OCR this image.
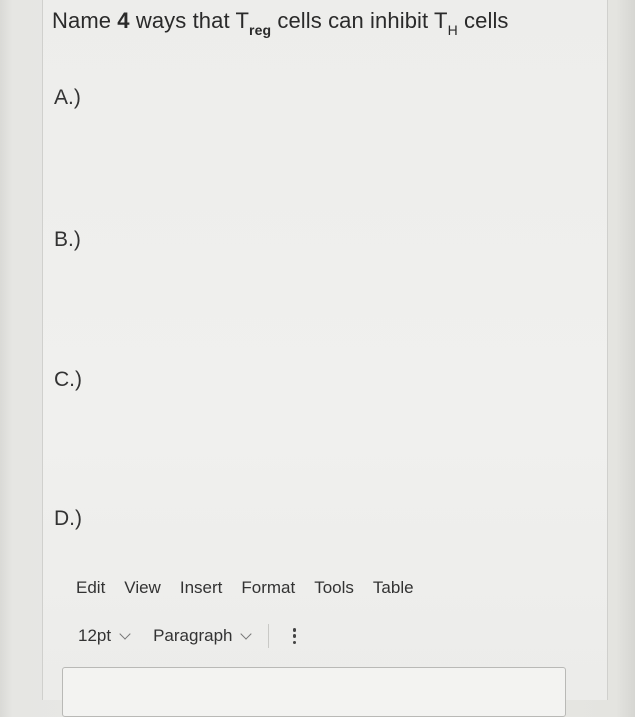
Name 4 ways that $T_{reg}$ cells can inhibit $T_H$ cells
A.)
B.)
C.)
D.)
Edit View Insert Format Tools Table
12pt Paragraph
